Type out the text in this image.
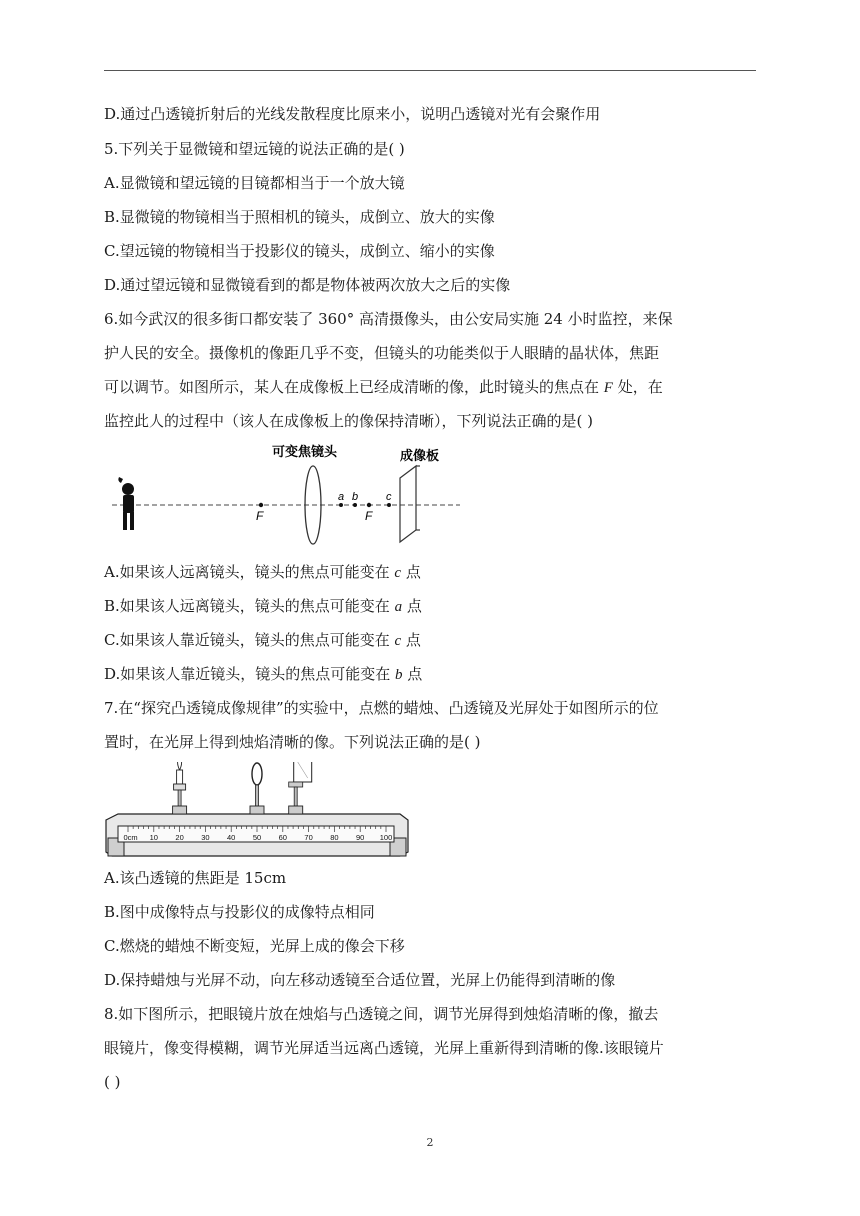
D.通过凸透镜折射后的光线发散程度比原来小，说明凸透镜对光有会聚作用
5.下列关于显微镜和望远镜的说法正确的是( )
A.显微镜和望远镜的目镜都相当于一个放大镜
B.显微镜的物镜相当于照相机的镜头，成倒立、放大的实像
C.望远镜的物镜相当于投影仪的镜头，成倒立、缩小的实像
D.通过望远镜和显微镜看到的都是物体被两次放大之后的实像
6.如今武汉的很多街口都安装了 360° 高清摄像头，由公安局实施 24 小时监控，来保
护人民的安全。摄像机的像距几乎不变，但镜头的功能类似于人眼睛的晶状体，焦距
可以调节。如图所示，某人在成像板上已经成清晰的像，此时镜头的焦点在 F 处，在
监控此人的过程中（该人在成像板上的像保持清晰），下列说法正确的是( )
F
可变焦镜头
a b
F
c
成像板
A.如果该人远离镜头，镜头的焦点可能变在 c 点
B.如果该人远离镜头，镜头的焦点可能变在 a 点
C.如果该人靠近镜头，镜头的焦点可能变在 c 点
D.如果该人靠近镜头，镜头的焦点可能变在 b 点
7.在“探究凸透镜成像规律”的实验中，点燃的蜡烛、凸透镜及光屏处于如图所示的位
置时，在光屏上得到烛焰清晰的像。下列说法正确的是( )
0cm 10 20 30 40 50 60 70 80 90 100
A.该凸透镜的焦距是 15cm
B.图中成像特点与投影仪的成像特点相同
C.燃烧的蜡烛不断变短，光屏上成的像会下移
D.保持蜡烛与光屏不动，向左移动透镜至合适位置，光屏上仍能得到清晰的像
8.如下图所示，把眼镜片放在烛焰与凸透镜之间，调节光屏得到烛焰清晰的像，撤去
眼镜片，像变得模糊，调节光屏适当远离凸透镜，光屏上重新得到清晰的像.该眼镜片
( )
2
